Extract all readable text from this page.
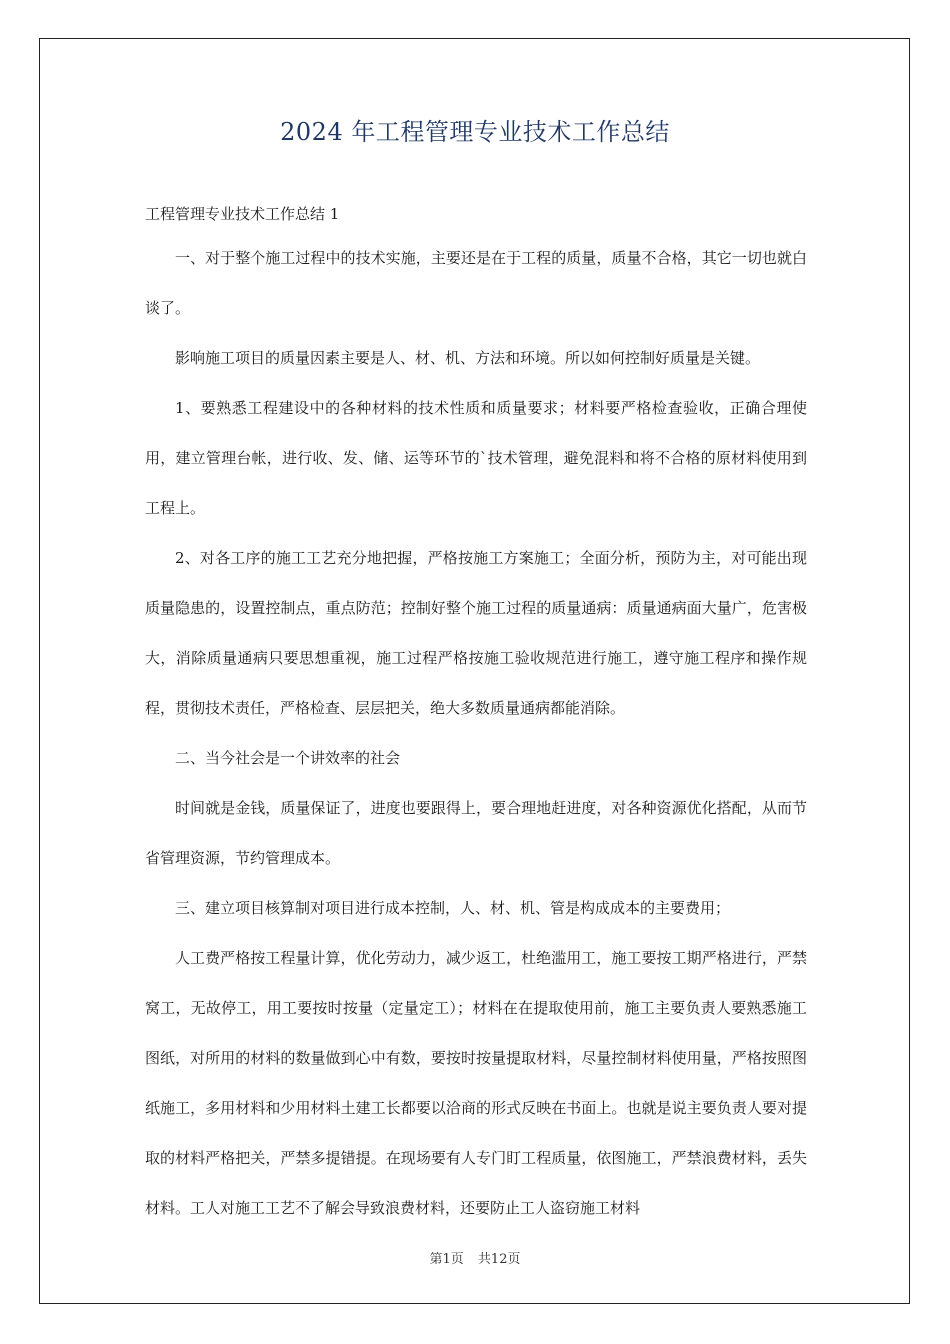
2024 年工程管理专业技术工作总结

工程管理专业技术工作总结 1

一、对于整个施工过程中的技术实施，主要还是在于工程的质量，质量不合格，其它一切也就白谈了。

影响施工项目的质量因素主要是人、材、机、方法和环境。所以如何控制好质量是关键。

1、要熟悉工程建设中的各种材料的技术性质和质量要求；材料要严格检查验收，正确合理使用，建立管理台帐，进行收、发、储、运等环节的`技术管理，避免混料和将不合格的原材料使用到工程上。

2、对各工序的施工工艺充分地把握，严格按施工方案施工；全面分析，预防为主，对可能出现质量隐患的，设置控制点，重点防范；控制好整个施工过程的质量通病：质量通病面大量广，危害极大，消除质量通病只要思想重视，施工过程严格按施工验收规范进行施工，遵守施工程序和操作规程，贯彻技术责任，严格检查、层层把关，绝大多数质量通病都能消除。

二、当今社会是一个讲效率的社会

时间就是金钱，质量保证了，进度也要跟得上，要合理地赶进度，对各种资源优化搭配，从而节省管理资源，节约管理成本。

三、建立项目核算制对项目进行成本控制，人、材、机、管是构成成本的主要费用；

人工费严格按工程量计算，优化劳动力，减少返工，杜绝滥用工，施工要按工期严格进行，严禁窝工，无故停工，用工要按时按量（定量定工）；材料在在提取使用前，施工主要负责人要熟悉施工图纸，对所用的材料的数量做到心中有数，要按时按量提取材料，尽量控制材料使用量，严格按照图纸施工，多用材料和少用材料土建工长都要以洽商的形式反映在书面上。也就是说主要负责人要对提取的材料严格把关，严禁多提错提。在现场要有人专门盯工程质量，依图施工，严禁浪费材料，丢失材料。工人对施工工艺不了解会导致浪费材料，还要防止工人盗窃施工材料

第1页 共12页
